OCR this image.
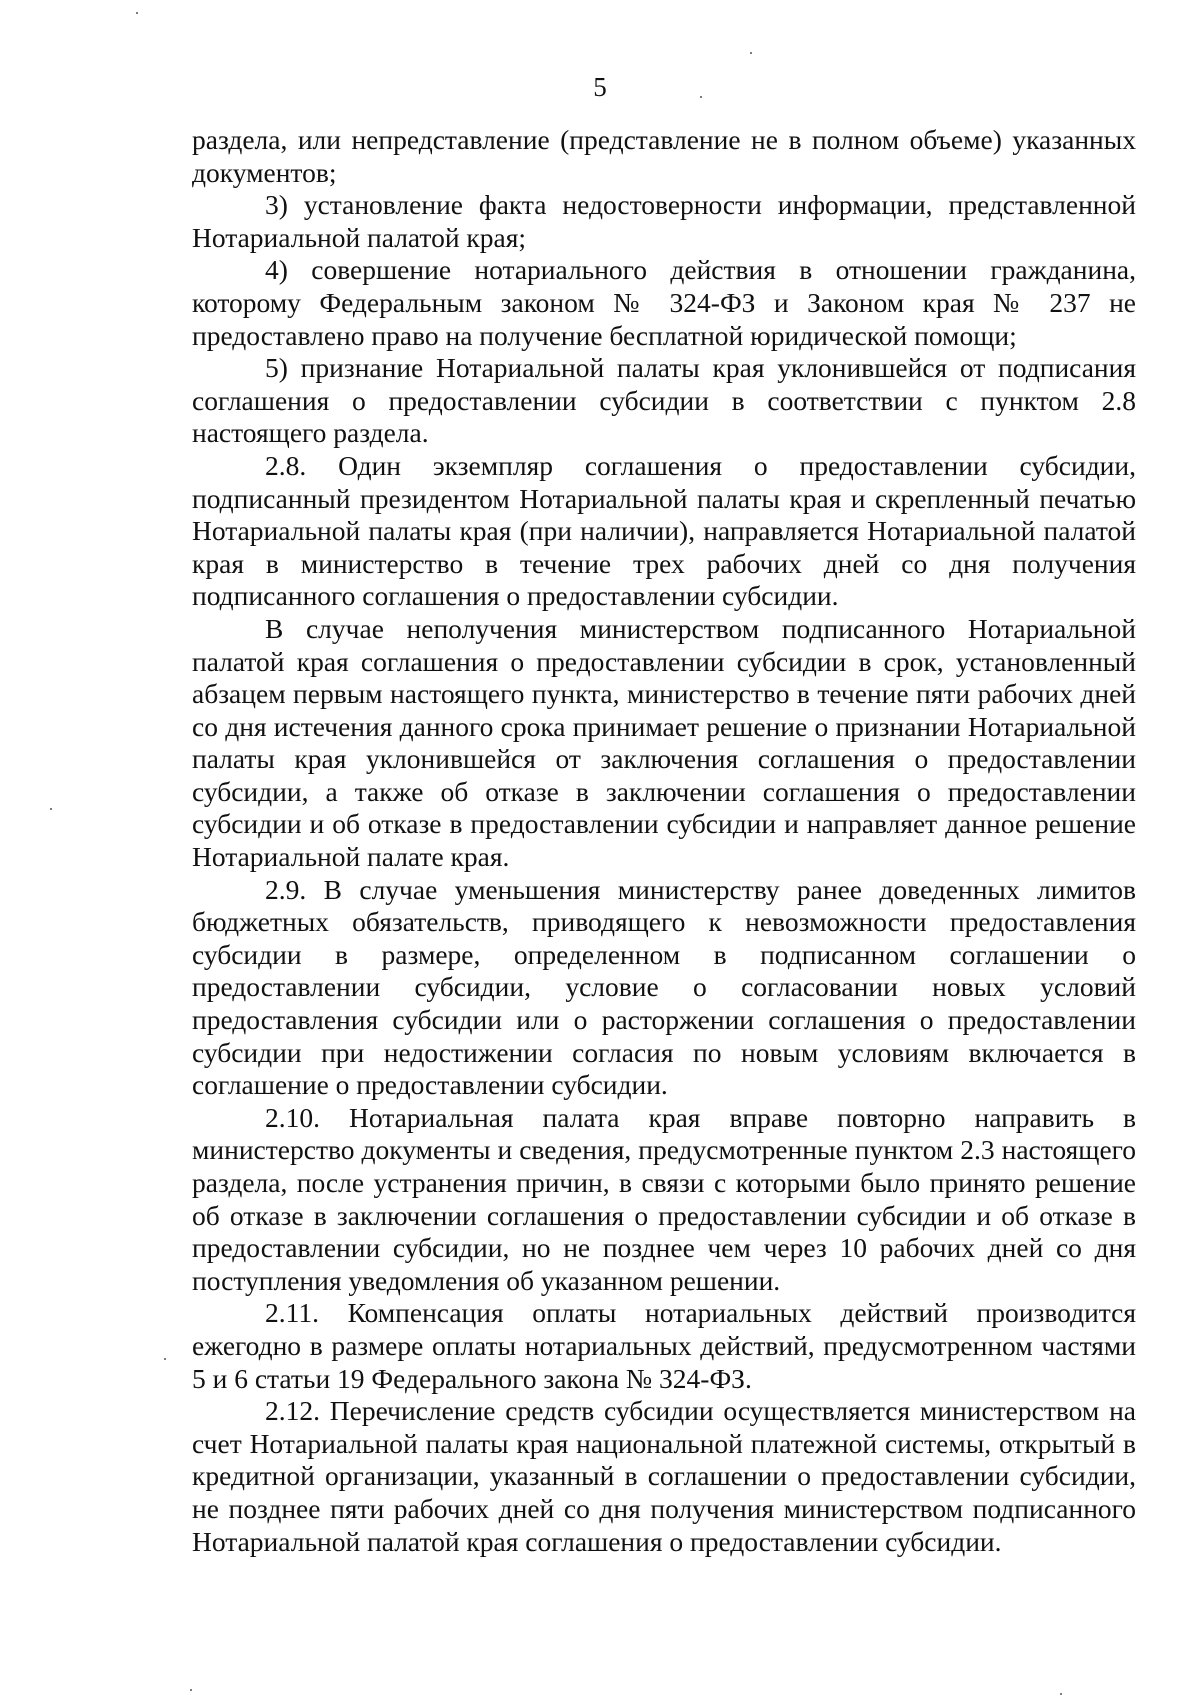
5

раздела, или непредставление (представление не в полном объеме) указанных документов;

3) установление факта недостоверности информации, представленной Нотариальной палатой края;

4) совершение нотариального действия в отношении гражданина, которому Федеральным законом № 324-ФЗ и Законом края № 237 не предоставлено право на получение бесплатной юридической помощи;

5) признание Нотариальной палаты края уклонившейся от подписания соглашения о предоставлении субсидии в соответствии с пунктом 2.8 настоящего раздела.

2.8. Один экземпляр соглашения о предоставлении субсидии, подписанный президентом Нотариальной палаты края и скрепленный печатью Нотариальной палаты края (при наличии), направляется Нотариальной палатой края в министерство в течение трех рабочих дней со дня получения подписанного соглашения о предоставлении субсидии.

В случае неполучения министерством подписанного Нотариальной палатой края соглашения о предоставлении субсидии в срок, установленный абзацем первым настоящего пункта, министерство в течение пяти рабочих дней со дня истечения данного срока принимает решение о признании Нотариальной палаты края уклонившейся от заключения соглашения о предоставлении субсидии, а также об отказе в заключении соглашения о предоставлении субсидии и об отказе в предоставлении субсидии и направляет данное решение Нотариальной палате края.

2.9. В случае уменьшения министерству ранее доведенных лимитов бюджетных обязательств, приводящего к невозможности предоставления субсидии в размере, определенном в подписанном соглашении о предоставлении субсидии, условие о согласовании новых условий предоставления субсидии или о расторжении соглашения о предоставлении субсидии при недостижении согласия по новым условиям включается в соглашение о предоставлении субсидии.

2.10. Нотариальная палата края вправе повторно направить в министерство документы и сведения, предусмотренные пунктом 2.3 настоящего раздела, после устранения причин, в связи с которыми было принято решение об отказе в заключении соглашения о предоставлении субсидии и об отказе в предоставлении субсидии, но не позднее чем через 10 рабочих дней со дня поступления уведомления об указанном решении.

2.11. Компенсация оплаты нотариальных действий производится ежегодно в размере оплаты нотариальных действий, предусмотренном частями 5 и 6 статьи 19 Федерального закона № 324-ФЗ.

2.12. Перечисление средств субсидии осуществляется министерством на счет Нотариальной палаты края национальной платежной системы, открытый в кредитной организации, указанный в соглашении о предоставлении субсидии, не позднее пяти рабочих дней со дня получения министерством подписанного Нотариальной палатой края соглашения о предоставлении субсидии.
